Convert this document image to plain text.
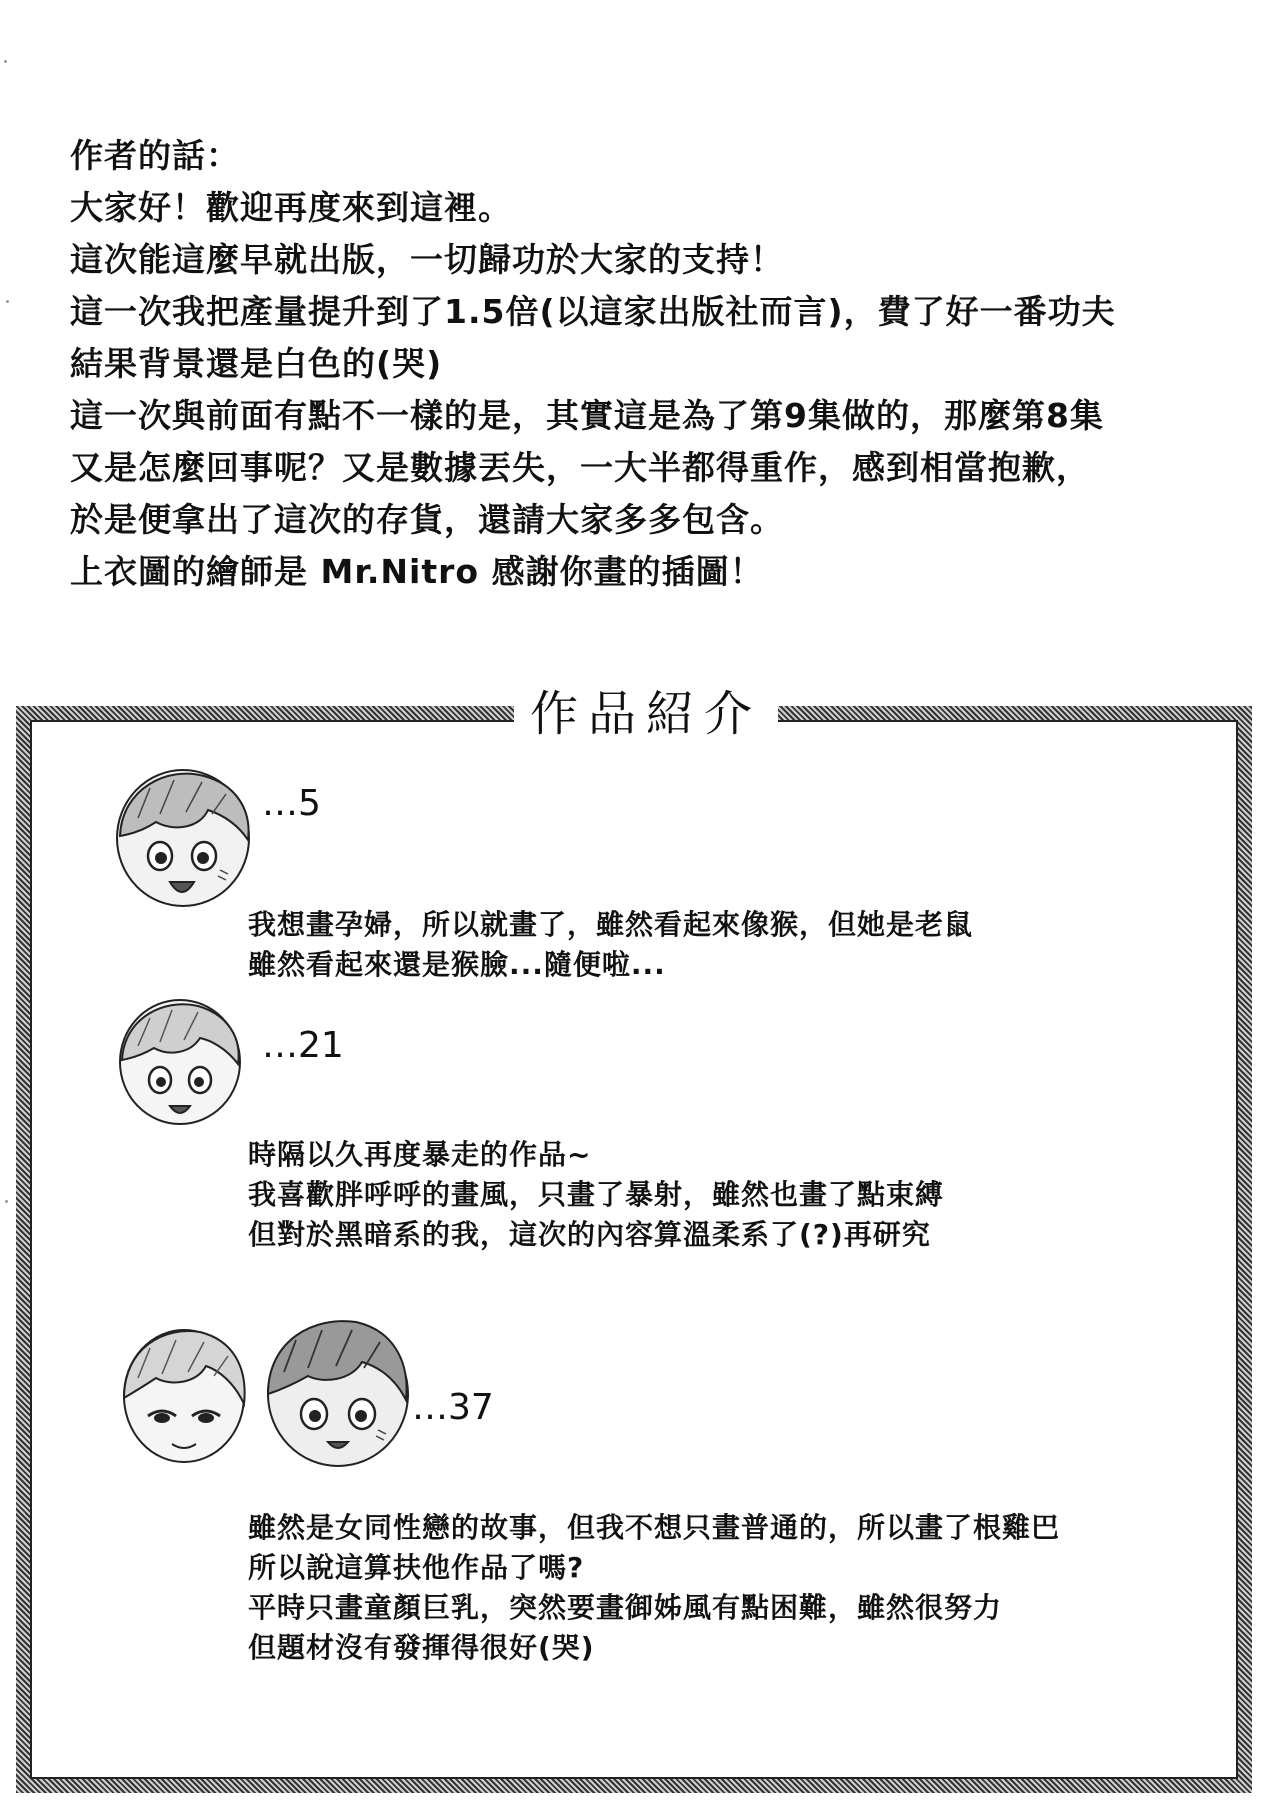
作者的話：
大家好！歡迎再度來到這裡。
這次能這麼早就出版，一切歸功於大家的支持！
這一次我把產量提升到了1.5倍(以這家出版社而言)，費了好一番功夫
結果背景還是白色的(哭)
這一次與前面有點不一樣的是，其實這是為了第9集做的，那麼第8集
又是怎麼回事呢？又是數據丟失，一大半都得重作，感到相當抱歉，
於是便拿出了這次的存貨，還請大家多多包含。
上衣圖的繪師是 Mr.Nitro 感謝你畫的插圖！
作品紹介
…5
我想畫孕婦，所以就畫了，雖然看起來像猴，但她是老鼠
雖然看起來還是猴臉...隨便啦...
…21
時隔以久再度暴走的作品~
我喜歡胖呼呼的畫風，只畫了暴射，雖然也畫了點束縛
但對於黑暗系的我，這次的內容算溫柔系了(?)再研究
…37
雖然是女同性戀的故事，但我不想只畫普通的，所以畫了根雞巴
所以說這算扶他作品了嗎?
平時只畫童顏巨乳，突然要畫御姊風有點困難，雖然很努力
但題材沒有發揮得很好(哭)
